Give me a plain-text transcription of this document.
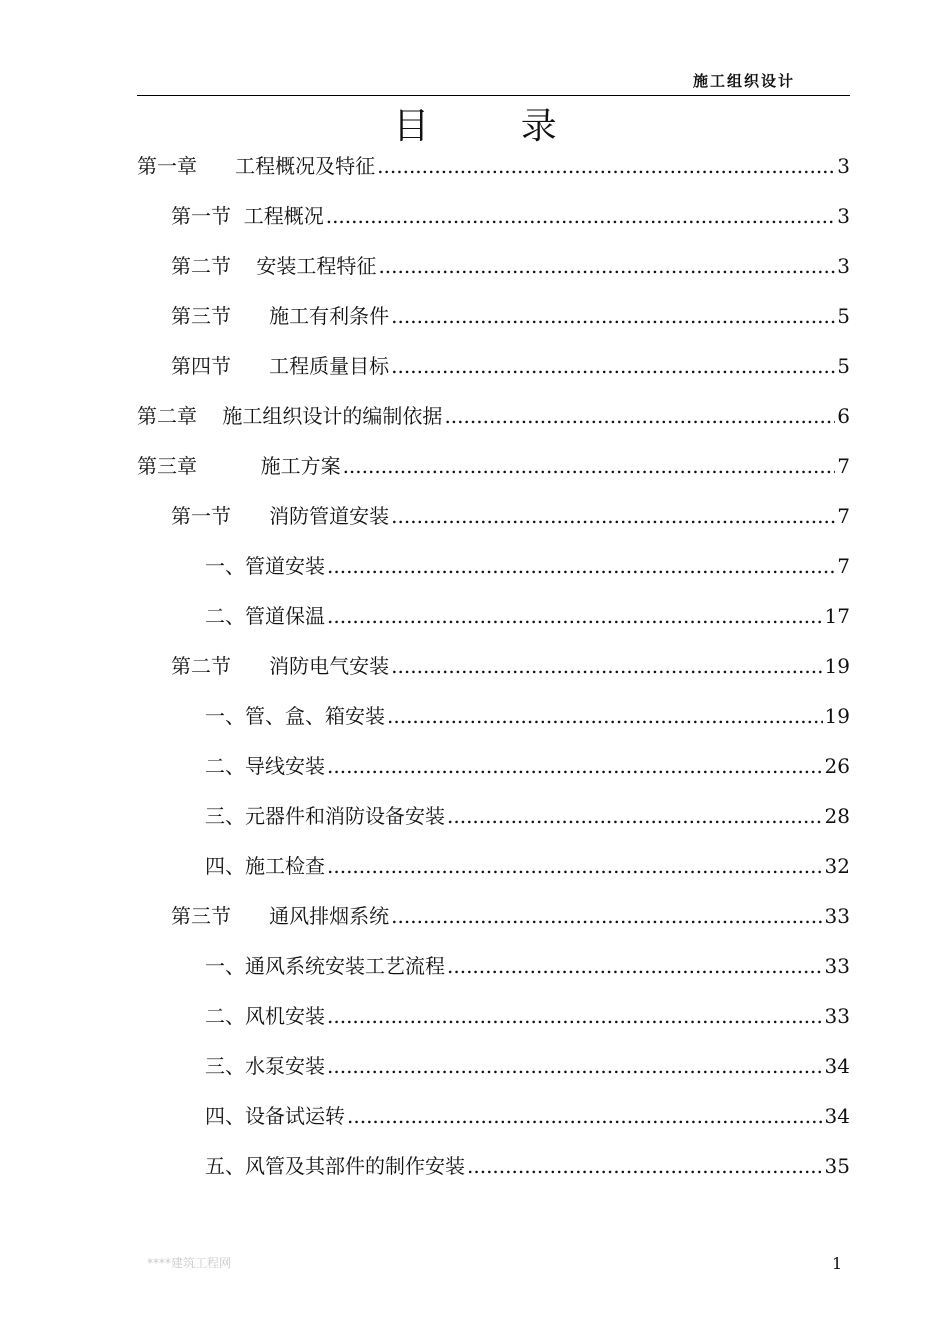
施工组织设计
目 录
第一章      工程概况及特征 .....	3
第一节  工程概况 .....	3
第二节    安装工程特征 .....	3
第三节      施工有利条件 .....	5
第四节      工程质量目标 .....	5
第二章    施工组织设计的编制依据 .....	6
第三章          施工方案 .....	7
第一节      消防管道安装 .....	7
一、管道安装 .....	7
二、管道保温 .....	17
第二节      消防电气安装 .....	19
一、管、盒、箱安装 .....	19
二、导线安装 .....	26
三、元器件和消防设备安装 .....	28
四、施工检查 .....	32
第三节      通风排烟系统 .....	33
一、通风系统安装工艺流程 .....	33
二、风机安装 .....	33
三、水泵安装 .....	34
四、设备试运转 .....	34
五、风管及其部件的制作安装 .....	35
****建筑工程网	1
